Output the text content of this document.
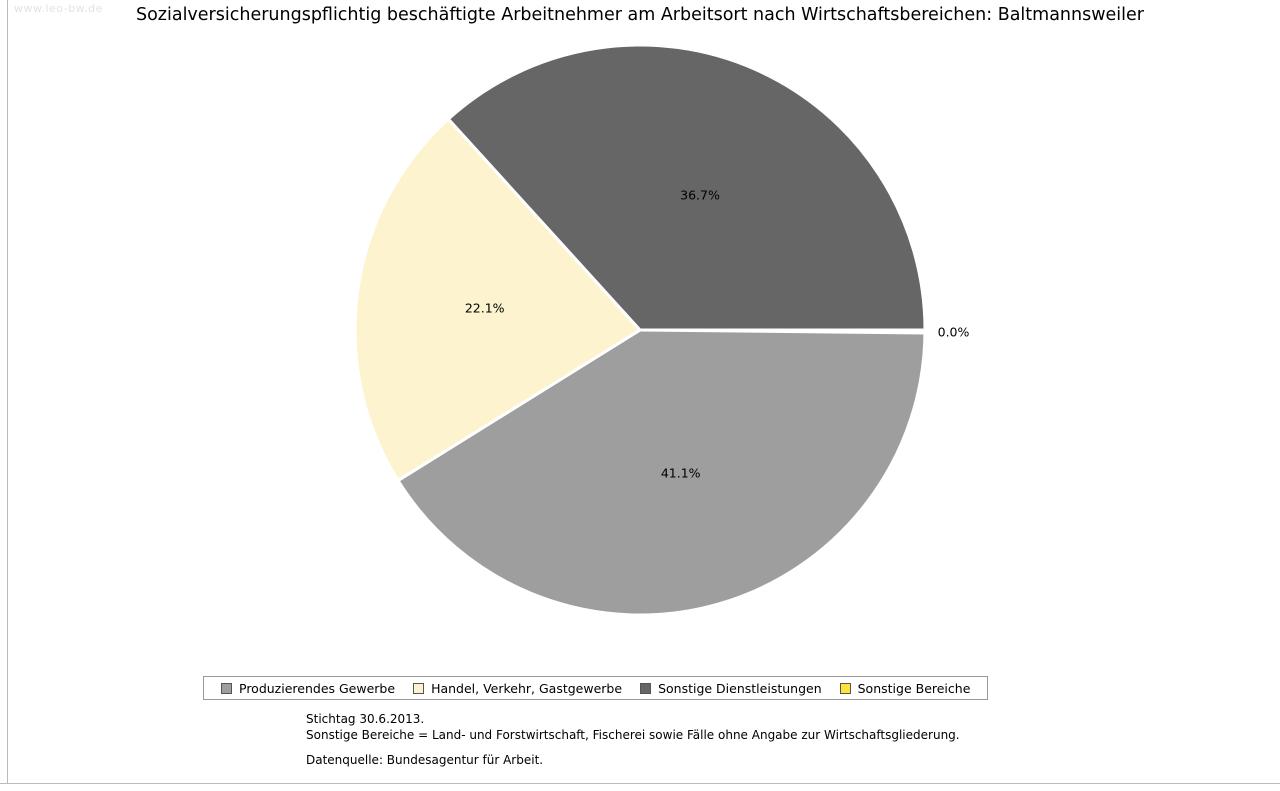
www.leo-bw.de	Sozialversicherungspflichtig beschäftigte Arbeitnehmer am Arbeitsort nach Wirtschaftsbereichen: Baltmannsweiler
41.1%
22.1%
36.7%
0.0%
Produzierendes Gewerbe	Handel, Verkehr, Gastgewerbe	Sonstige Dienstleistungen	Sonstige Bereiche
Stichtag 30.6.2013.
Sonstige Bereiche = Land- und Forstwirtschaft, Fischerei sowie Fälle ohne Angabe zur Wirtschaftsgliederung.
Datenquelle: Bundesagentur für Arbeit.
